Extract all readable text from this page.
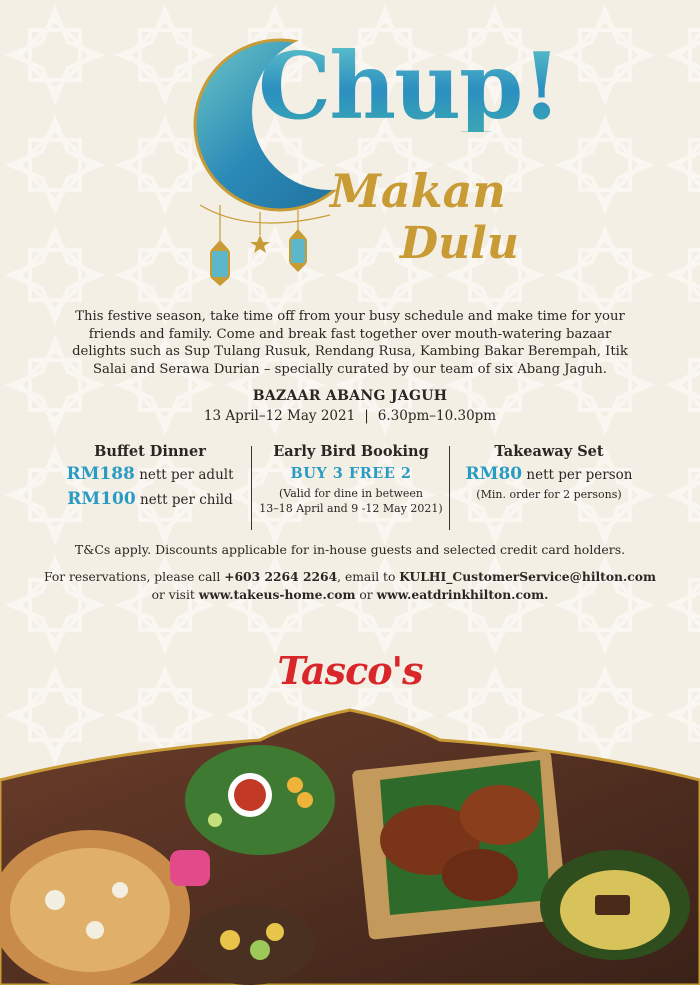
Chup!
Makan
Dulu
This festive season, take time off from your busy schedule and make time for your friends and family. Come and break fast together over mouth-watering bazaar delights such as Sup Tulang Rusuk, Rendang Rusa, Kambing Bakar Berempah, Itik Salai and Serawa Durian – specially curated by our team of six Abang Jaguh.
BAZAAR ABANG JAGUH
13 April–12 May 2021 | 6.30pm–10.30pm
Buffet Dinner
RM188 nett per adult
RM100 nett per child
Early Bird Booking
BUY 3 FREE 2
(Valid for dine in between
13–18 April and 9 -12 May 2021)
Takeaway Set
RM80 nett per person
(Min. order for 2 persons)
T&Cs apply. Discounts applicable for in-house guests and selected credit card holders.
For reservations, please call +603 2264 2264, email to KULHI_CustomerService@hilton.com
or visit www.takeus-home.com or www.eatdrinkhilton.com.
Tasco's
